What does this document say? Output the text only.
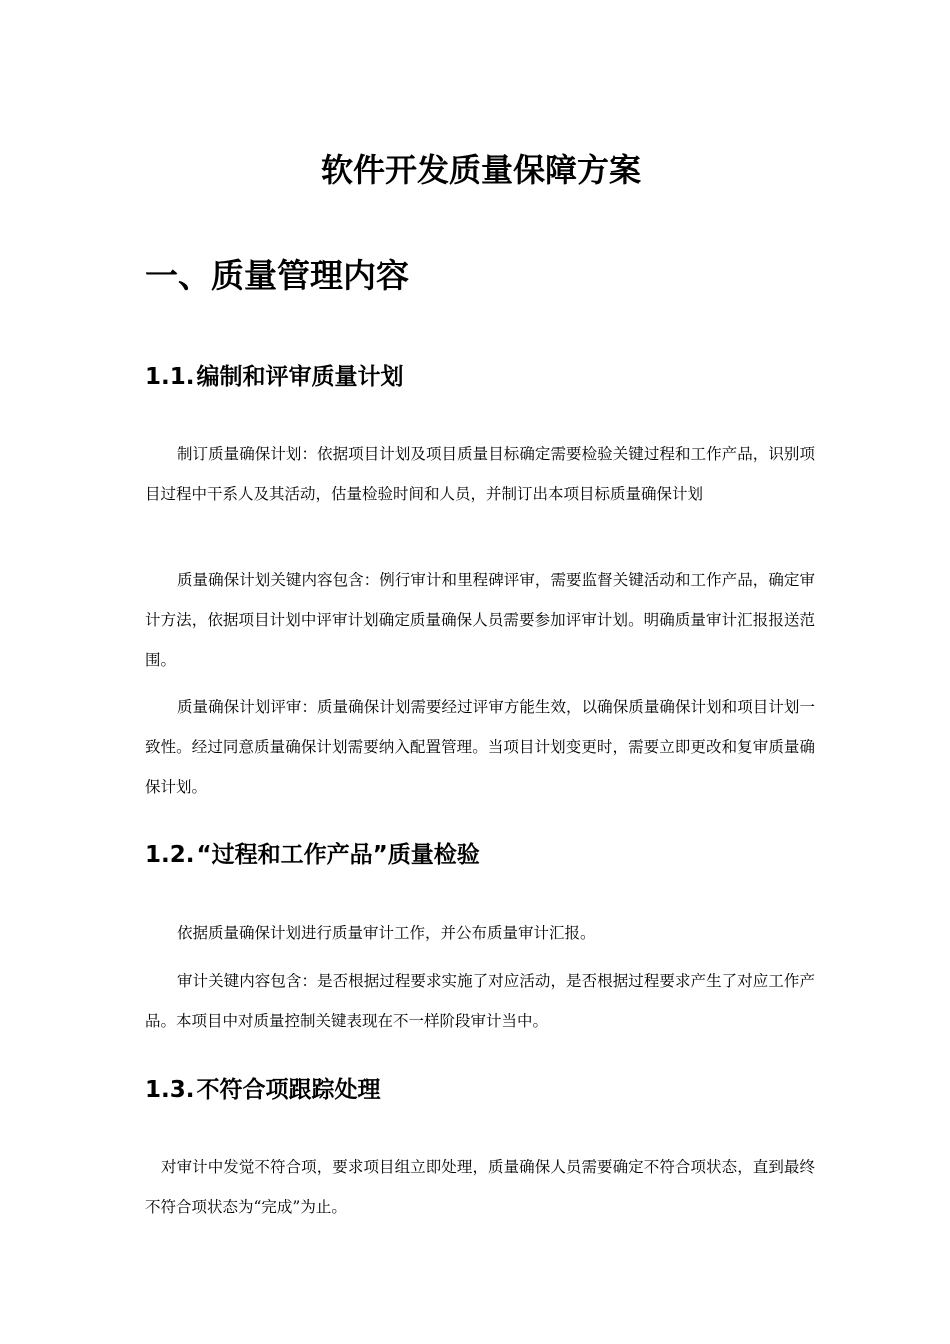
软件开发质量保障方案
一、质量管理内容
1.1.编制和评审质量计划

制订质量确保计划：依据项目计划及项目质量目标确定需要检验关键过程和工作产品，识别项目过程中干系人及其活动，估量检验时间和人员，并制订出本项目标质量确保计划

质量确保计划关键内容包含：例行审计和里程碑评审，需要监督关键活动和工作产品，确定审计方法，依据项目计划中评审计划确定质量确保人员需要参加评审计划。明确质量审计汇报报送范围。

质量确保计划评审：质量确保计划需要经过评审方能生效，以确保质量确保计划和项目计划一致性。经过同意质量确保计划需要纳入配置管理。当项目计划变更时，需要立即更改和复审质量确保计划。

1.2.“过程和工作产品”质量检验

依据质量确保计划进行质量审计工作，并公布质量审计汇报。

审计关键内容包含：是否根据过程要求实施了对应活动，是否根据过程要求产生了对应工作产品。本项目中对质量控制关键表现在不一样阶段审计当中。

1.3.不符合项跟踪处理

对审计中发觉不符合项，要求项目组立即处理，质量确保人员需要确定不符合项状态，直到最终不符合项状态为“完成”为止。
